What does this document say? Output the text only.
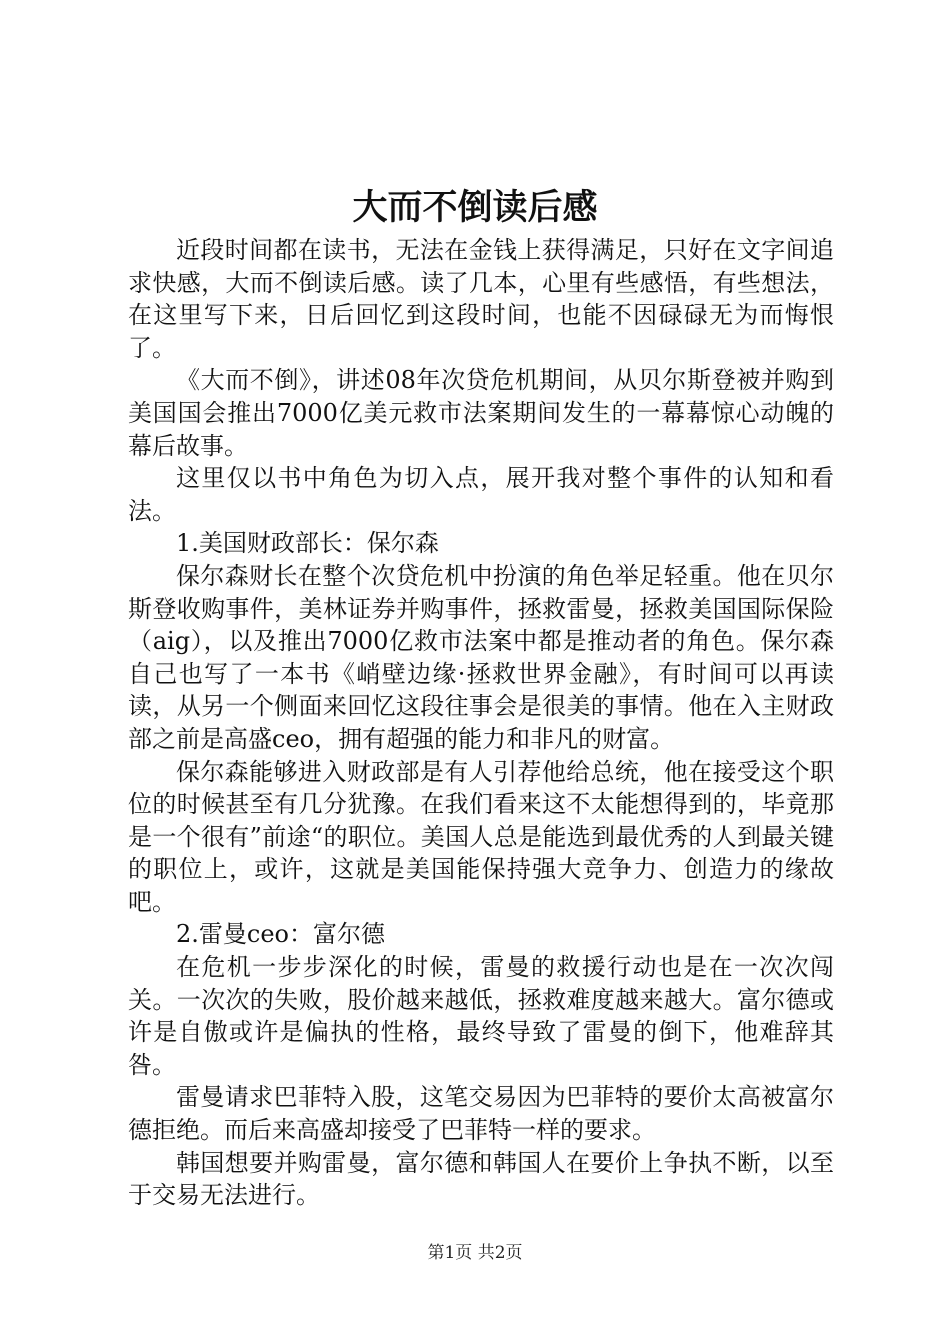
大而不倒读后感

近段时间都在读书，无法在金钱上获得满足，只好在文字间追求快感，大而不倒读后感。读了几本，心里有些感悟，有些想法，在这里写下来，日后回忆到这段时间，也能不因碌碌无为而悔恨了。

《大而不倒》，讲述08年次贷危机期间，从贝尔斯登被并购到美国国会推出7000亿美元救市法案期间发生的一幕幕惊心动魄的幕后故事。

这里仅以书中角色为切入点，展开我对整个事件的认知和看法。

1.美国财政部长：保尔森

保尔森财长在整个次贷危机中扮演的角色举足轻重。他在贝尔斯登收购事件，美林证券并购事件，拯救雷曼，拯救美国国际保险（aig），以及推出7000亿救市法案中都是推动者的角色。保尔森自己也写了一本书《峭壁边缘·拯救世界金融》，有时间可以再读读，从另一个侧面来回忆这段往事会是很美的事情。他在入主财政部之前是高盛ceo，拥有超强的能力和非凡的财富。

保尔森能够进入财政部是有人引荐他给总统，他在接受这个职位的时候甚至有几分犹豫。在我们看来这不太能想得到的，毕竟那是一个很有”前途“的职位。美国人总是能选到最优秀的人到最关键的职位上，或许，这就是美国能保持强大竞争力、创造力的缘故吧。

2.雷曼ceo：富尔德

在危机一步步深化的时候，雷曼的救援行动也是在一次次闯关。一次次的失败，股价越来越低，拯救难度越来越大。富尔德或许是自傲或许是偏执的性格，最终导致了雷曼的倒下，他难辞其咎。

雷曼请求巴菲特入股，这笔交易因为巴菲特的要价太高被富尔德拒绝。而后来高盛却接受了巴菲特一样的要求。

韩国想要并购雷曼，富尔德和韩国人在要价上争执不断，以至于交易无法进行。

第1页 共2页
